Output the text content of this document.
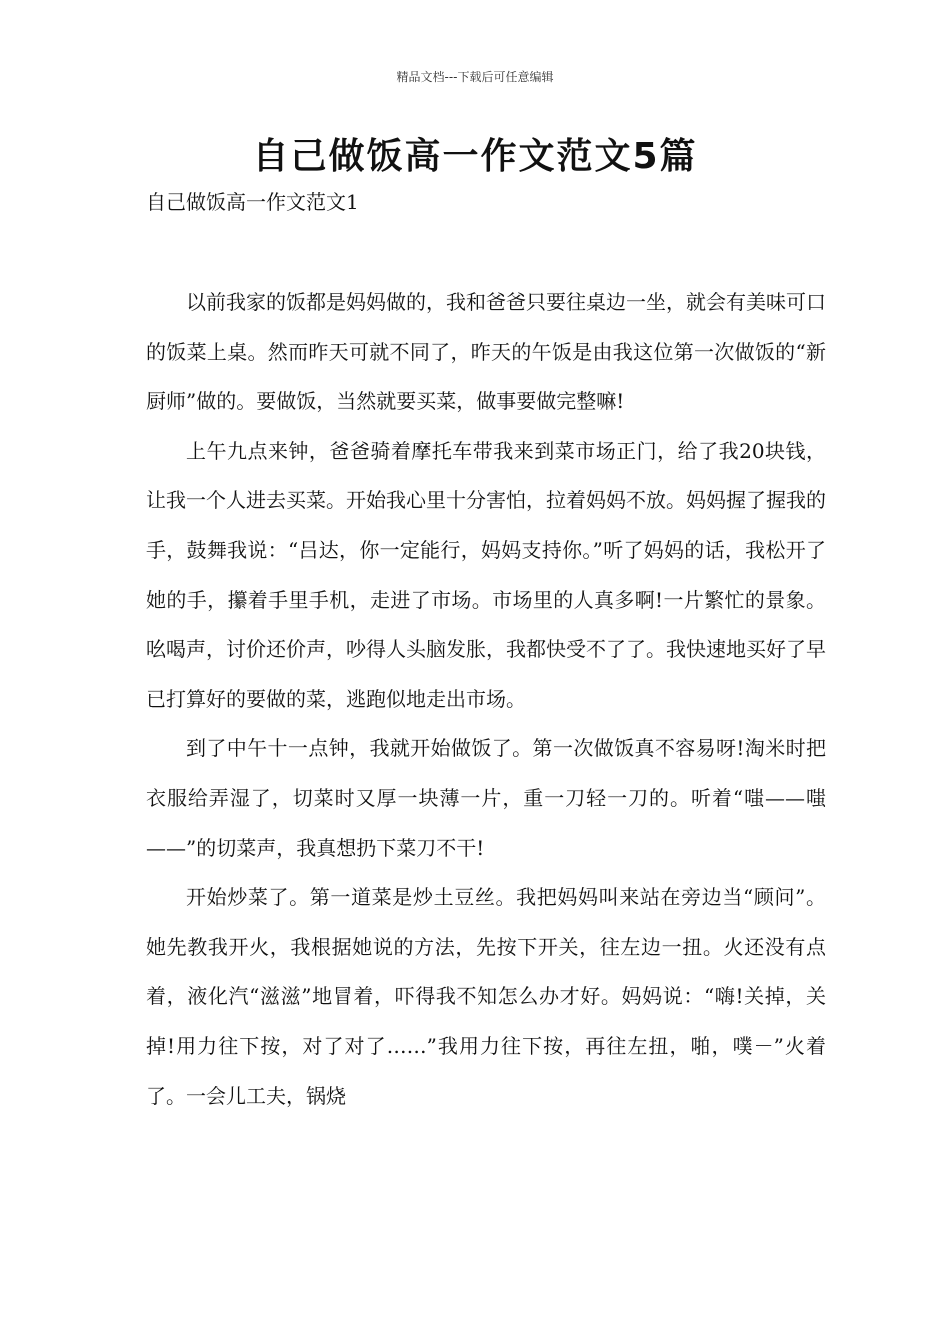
精品文档---下载后可任意编辑
自己做饭高一作文范文5篇
自己做饭高一作文范文1

以前我家的饭都是妈妈做的，我和爸爸只要往桌边一坐，就会有美味可口的饭菜上桌。然而昨天可就不同了，昨天的午饭是由我这位第一次做饭的“新厨师”做的。要做饭，当然就要买菜，做事要做完整嘛!

上午九点来钟，爸爸骑着摩托车带我来到菜市场正门，给了我20块钱，让我一个人进去买菜。开始我心里十分害怕，拉着妈妈不放。妈妈握了握我的手，鼓舞我说：“吕达，你一定能行，妈妈支持你。”听了妈妈的话，我松开了她的手，攥着手里手机，走进了市场。市场里的人真多啊!一片繁忙的景象。吆喝声，讨价还价声，吵得人头脑发胀，我都快受不了了。我快速地买好了早已打算好的要做的菜，逃跑似地走出市场。

到了中午十一点钟，我就开始做饭了。第一次做饭真不容易呀!淘米时把衣服给弄湿了，切菜时又厚一块薄一片，重一刀轻一刀的。听着“嗤——嗤——”的切菜声，我真想扔下菜刀不干!

开始炒菜了。第一道菜是炒土豆丝。我把妈妈叫来站在旁边当“顾问”。她先教我开火，我根据她说的方法，先按下开关，往左边一扭。火还没有点着，液化汽“滋滋”地冒着，吓得我不知怎么办才好。妈妈说：“嗨!关掉，关掉!用力往下按，对了对了……”我用力往下按，再往左扭，啪，噗－”火着了。一会儿工夫，锅烧
